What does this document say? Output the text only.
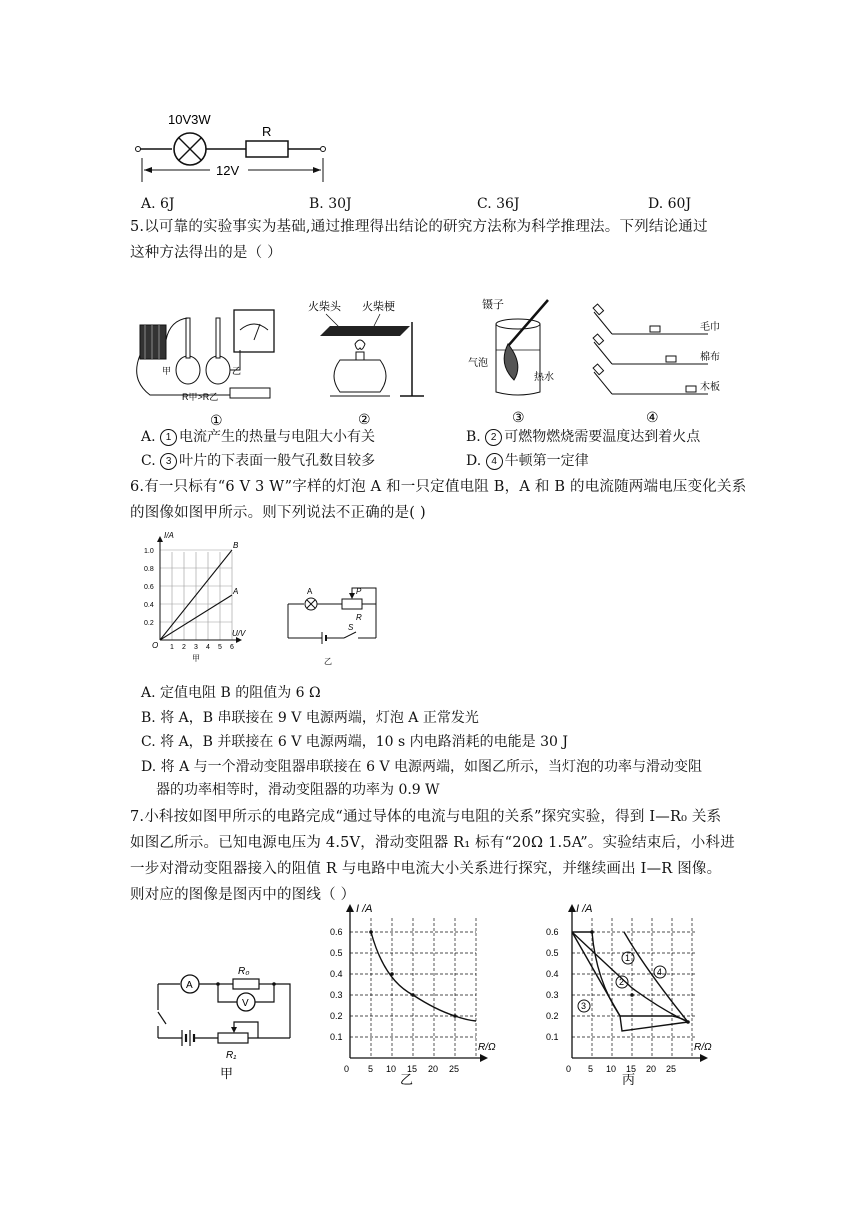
10V3W
R
12V
A. 6J	B. 30J	C. 36J	D. 60J
5.以可靠的实验事实为基础,通过推理得出结论的研究方法称为科学推理法。下列结论通过
这种方法得出的是（ ）
甲	乙
R甲>R乙
①
火柴头 火柴梗
②
镊子
气泡
热水
③
毛巾
棉布
木板
④
A. 1 电流产生的热量与电阻大小有关	B. 2 可燃物燃烧需要温度达到着火点
C. 3 叶片的下表面一般气孔数目较多	D. 4 牛顿第一定律
6.有一只标有“6 V 3 W”字样的灯泡 A 和一只定值电阻 B，A 和 B 的电流随两端电压变化关系
的图像如图甲所示。则下列说法不正确的是( )
I/A
U/V
O
B
A
1.0
0.8
0.6
0.4
0.2
1 2 3 4 5 6
甲
P
R
A
S
乙
A. 定值电阻 B 的阻值为 6 Ω
B. 将 A，B 串联接在 9 V 电源两端，灯泡 A 正常发光
C. 将 A，B 并联接在 6 V 电源两端，10 s 内电路消耗的电能是 30 J
D. 将 A 与一个滑动变阻器串联接在 6 V 电源两端，如图乙所示，当灯泡的功率与滑动变阻
器的功率相等时，滑动变阻器的功率为 0.9 W
7.小科按如图甲所示的电路完成“通过导体的电流与电阻的关系”探究实验，得到 I—R₀ 关系
如图乙所示。已知电源电压为 4.5V，滑动变阻器 R₁ 标有“20Ω 1.5A”。实验结束后，小科进
一步对滑动变阻器接入的阻值 R 与电路中电流大小关系进行探究，并继续画出 I—R 图像。
则对应的图像是图丙中的图线（ ）
A
R₀
V
R₁
甲
I /A
R/Ω
0.6
0.5
0.4
0.3
0.2
0.1
0 5 10 15 20 25
乙
1
2
3
4
I /A
R/Ω
0.6
0.5
0.4
0.3
0.2
0.1
0 5 10 15 20 25
丙
